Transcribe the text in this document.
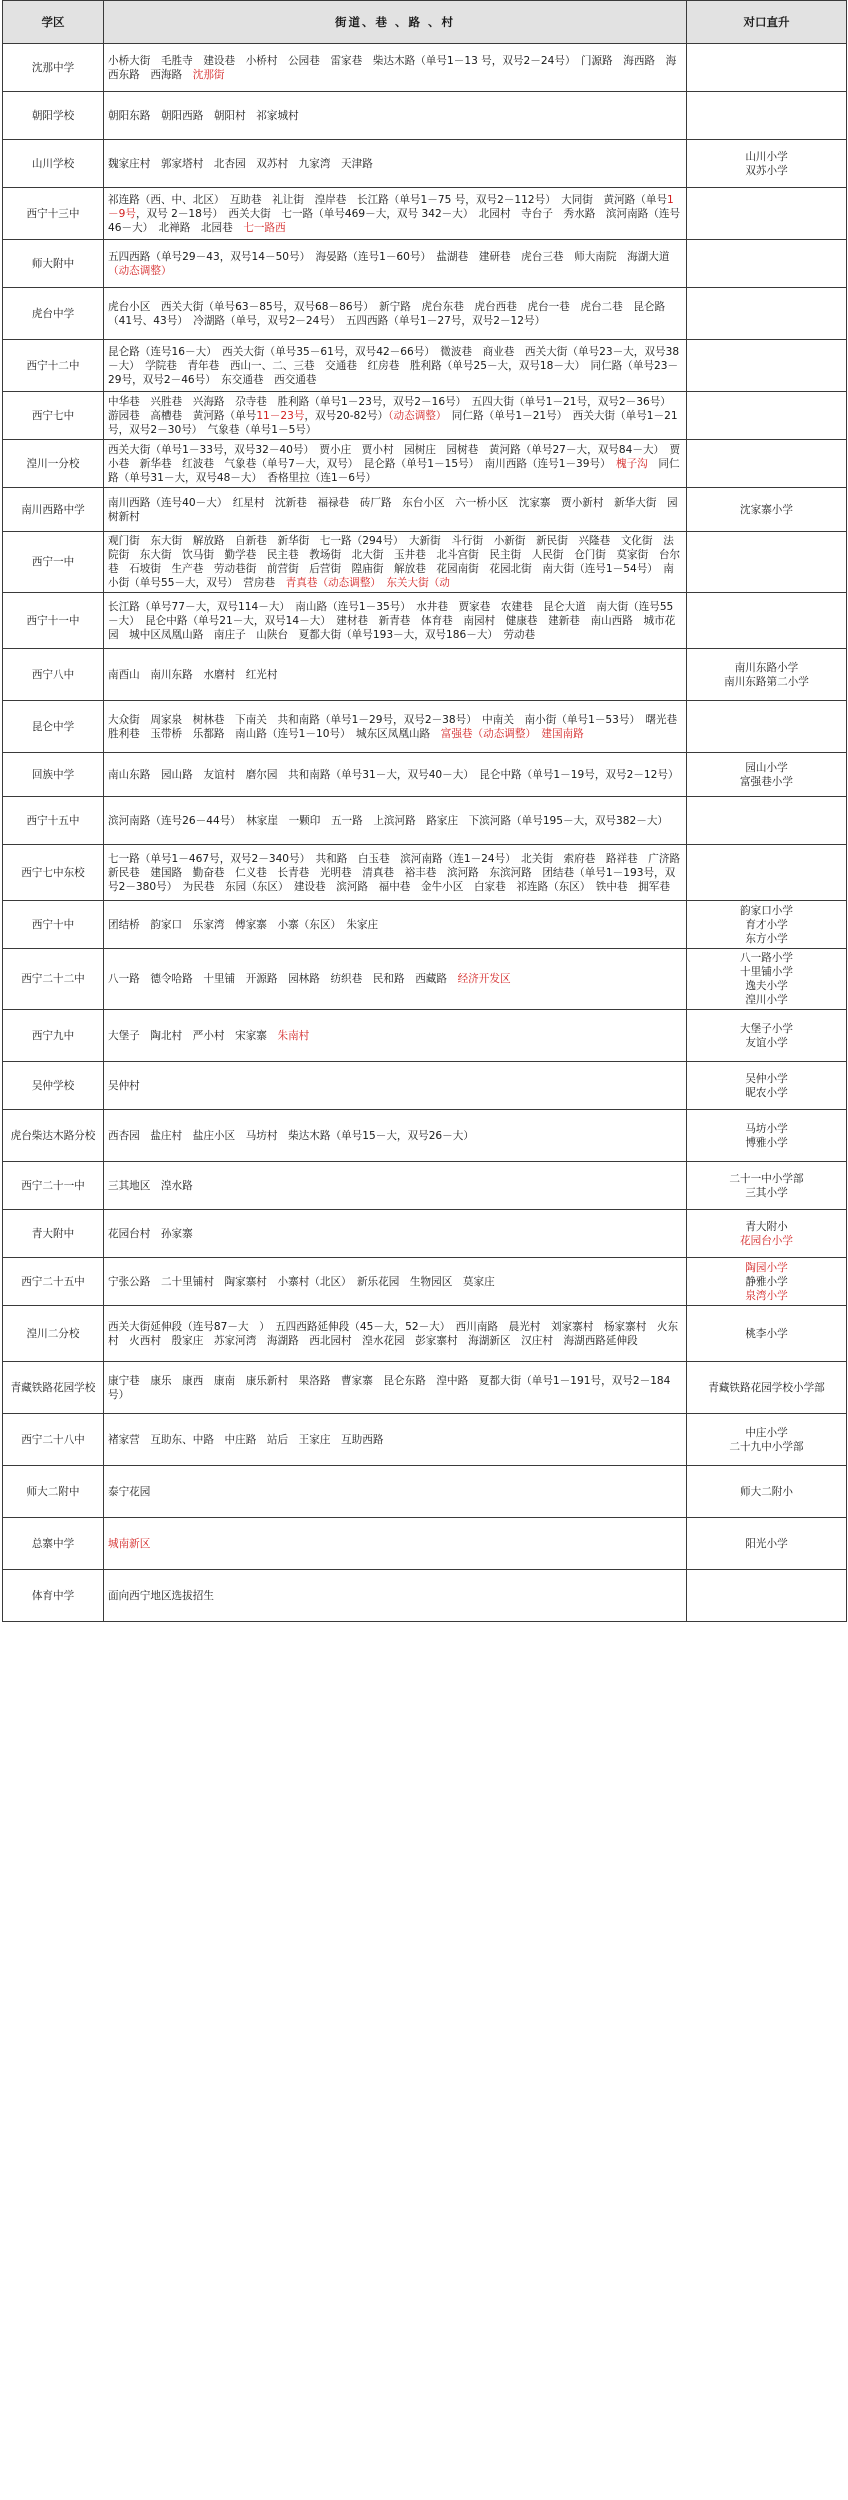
学区	街道、巷 、路 、村	对口直升
沈那中学	小桥大街　毛胜寺　建设巷　小桥村　公园巷　雷家巷　柴达木路（单号1－13 号，双号2－24号）　门源路　海西路　海西东路　西海路　沈那街	
朝阳学校	朝阳东路　朝阳西路　朝阳村　祁家城村	
山川学校	魏家庄村　郭家塔村　北杏园　双苏村　九家湾　天津路	山川小学
双苏小学

西宁十三中	祁连路（西、中、北区）　互助巷　礼让街　湟岸巷　长江路（单号1－75 号，双号2－112号）　大同街　黄河路（单号1－9号，双号 2－18号）　西关大街　七一路（单号469－大，双号 342－大）　北园村　寺台子　秀水路　滨河南路（连号46－大）　北禅路　北园巷　七一路西	
师大附中	五四西路（单号29－43，双号14－50号）　海晏路（连号1－60号）　盐湖巷　建研巷　虎台三巷　师大南院　海湖大道（动态调整）	
虎台中学	虎台小区　西关大街（单号63－85号，双号68－86号）　新宁路　虎台东巷　虎台西巷　虎台一巷　虎台二巷　昆仑路（41号、43号）　冷湖路（单号，双号2－24号）　五四西路（单号1－27号，双号2－12号）	
西宁十二中	昆仑路（连号16－大）　西关大街（单号35－61号，双号42－66号）　微波巷　商业巷　西关大街（单号23－大，双号38－大）　学院巷　青年巷　西山一、二、三巷　交通巷　红房巷　胜利路（单号25－大，双号18－大）　同仁路（单号23－29号，双号2－46号）　东交通巷　西交通巷	
西宁七中	中华巷　兴胜巷　兴海路　尕寺巷　胜利路（单号1－23号，双号2－16号）　五四大街（单号1－21号，双号2－36号）　游园巷　高槽巷　黄河路（单号11－23号，双号20-82号）（动态调整）　同仁路（单号1－21号）　西关大街（单号1－21号，双号2－30号）　气象巷（单号1－5号）	
湟川一分校	西关大街（单号1－33号，双号32－40号）　贾小庄　贾小村　园树庄　园树巷　黄河路（单号27－大，双号84－大）　贾小巷　新华巷　红波巷　气象巷（单号7－大，双号）　昆仑路（单号1－15号）　南川西路（连号1－39号）　槐子沟　同仁路（单号31－大，双号48－大）　香格里拉（连1－6号）	
南川西路中学	南川西路（连号40－大）　红星村　沈新巷　福禄巷　砖厂路　东台小区　六一桥小区　沈家寨　贾小新村　新华大街　园树新村	沈家寨小学

西宁一中	观门街　东大街　解放路　自新巷　新华街　七一路（294号）　大新街　斗行街　小新街　新民街　兴隆巷　文化街　法院街　东大街　饮马街　勤学巷　民主巷　教场街　北大街　玉井巷　北斗宫街　民主街　人民街　仓门街　莫家街　台尔巷　石坡街　生产巷　劳动巷街　前营街　后营街　隍庙街　解放巷　花园南街　花园北街　南大街（连号1－54号）　南小街（单号55－大，双号）　营房巷　青真巷（动态调整）　 东关大街（动	
西宁十一中	长江路（单号77－大，双号114－大）　南山路（连号1－35号）　水井巷　贾家巷　农建巷　昆仑大道　南大街（连号55－大）　昆仑中路（单号21－大，双号14－大）　建材巷　新青巷　体育巷　南园村　健康巷　建新巷　南山西路　城市花园　城中区凤凰山路　南庄子　山陕台　夏都大街（单号193－大，双号186－大）　劳动巷	
西宁八中	南酉山　南川东路　水磨村　红光村	南川东路小学
南川东路第二小学

昆仑中学	大众街　周家泉　树林巷　下南关　共和南路（单号1－29号，双号2－38号）　中南关　南小街（单号1－53号）　曙光巷　胜利巷　玉带桥　乐都路　南山路（连号1－10号）　城东区凤凰山路　富强巷（动态调整）　 建国南路	
回族中学	南山东路　园山路　友谊村　磨尔园　共和南路（单号31－大，双号40－大）　昆仑中路（单号1－19号，双号2－12号）	园山小学
富强巷小学

西宁十五中	滨河南路（连号26－44号）　林家崖　一颗印　五一路　上滨河路　路家庄　下滨河路（单号195－大，双号382－大）	
西宁七中东校	七一路（单号1－467号，双号2－340号）　共和路　白玉巷　滨河南路（连1－24号）　北关街　索府巷　路祥巷　广济路　新民巷　建国路　勤奋巷　仁义巷　长青巷　光明巷　清真巷　裕丰巷　滨河路　东滨河路　团结巷（单号1－193号，双号2－380号）　为民巷　东园（东区）　建设巷　滨河路　福中巷　金牛小区　白家巷　祁连路（东区）　铁中巷　拥军巷	
西宁十中	团结桥　韵家口　乐家湾　傅家寨　小寨（东区）　朱家庄	韵家口小学
育才小学
东方小学

西宁二十二中	八一路　德令哈路　十里铺　开源路　园林路　纺织巷　民和路　西藏路　经济开发区	八一路小学
十里铺小学
逸夫小学
湟川小学

西宁九中	大堡子　陶北村　严小村　宋家寨　朱南村	大堡子小学
友谊小学

吴仲学校	吴仲村	吴仲小学
昵农小学

虎台柴达木路分校	西杏园　盐庄村　盐庄小区　马坊村　柴达木路（单号15－大，双号26－大）	马坊小学
博雅小学

西宁二十一中	三其地区　湟水路	二十一中小学部
三其小学

青大附中	花园台村　孙家寨	青大附小
花园台小学

西宁二十五中	宁张公路　二十里铺村　陶家寨村　小寨村（北区）　新乐花园　生物园区　莫家庄	陶园小学
静雅小学
泉湾小学

湟川二分校	西关大街延伸段（连号87－大　）　五四西路延伸段（45－大，52－大）　西川南路　晨光村　刘家寨村　杨家寨村　火东村　火西村　殷家庄　苏家河湾　海湖路　西北园村　湟水花园　彭家寨村　海湖新区　汉庄村　海湖西路延伸段	桃李小学

青藏铁路花园学校	康宁巷　康乐　康西　康南　康乐新村　果洛路　曹家寨　昆仑东路　湟中路　夏都大街（单号1－191号，双号2－184号）	青藏铁路花园学校小学部

西宁二十八中	褚家营　互助东、中路　中庄路　站后　王家庄　互助西路	中庄小学
二十九中小学部

师大二附中	泰宁花园	师大二附小

总寨中学	城南新区	阳光小学

体育中学	面向西宁地区选拔招生	
